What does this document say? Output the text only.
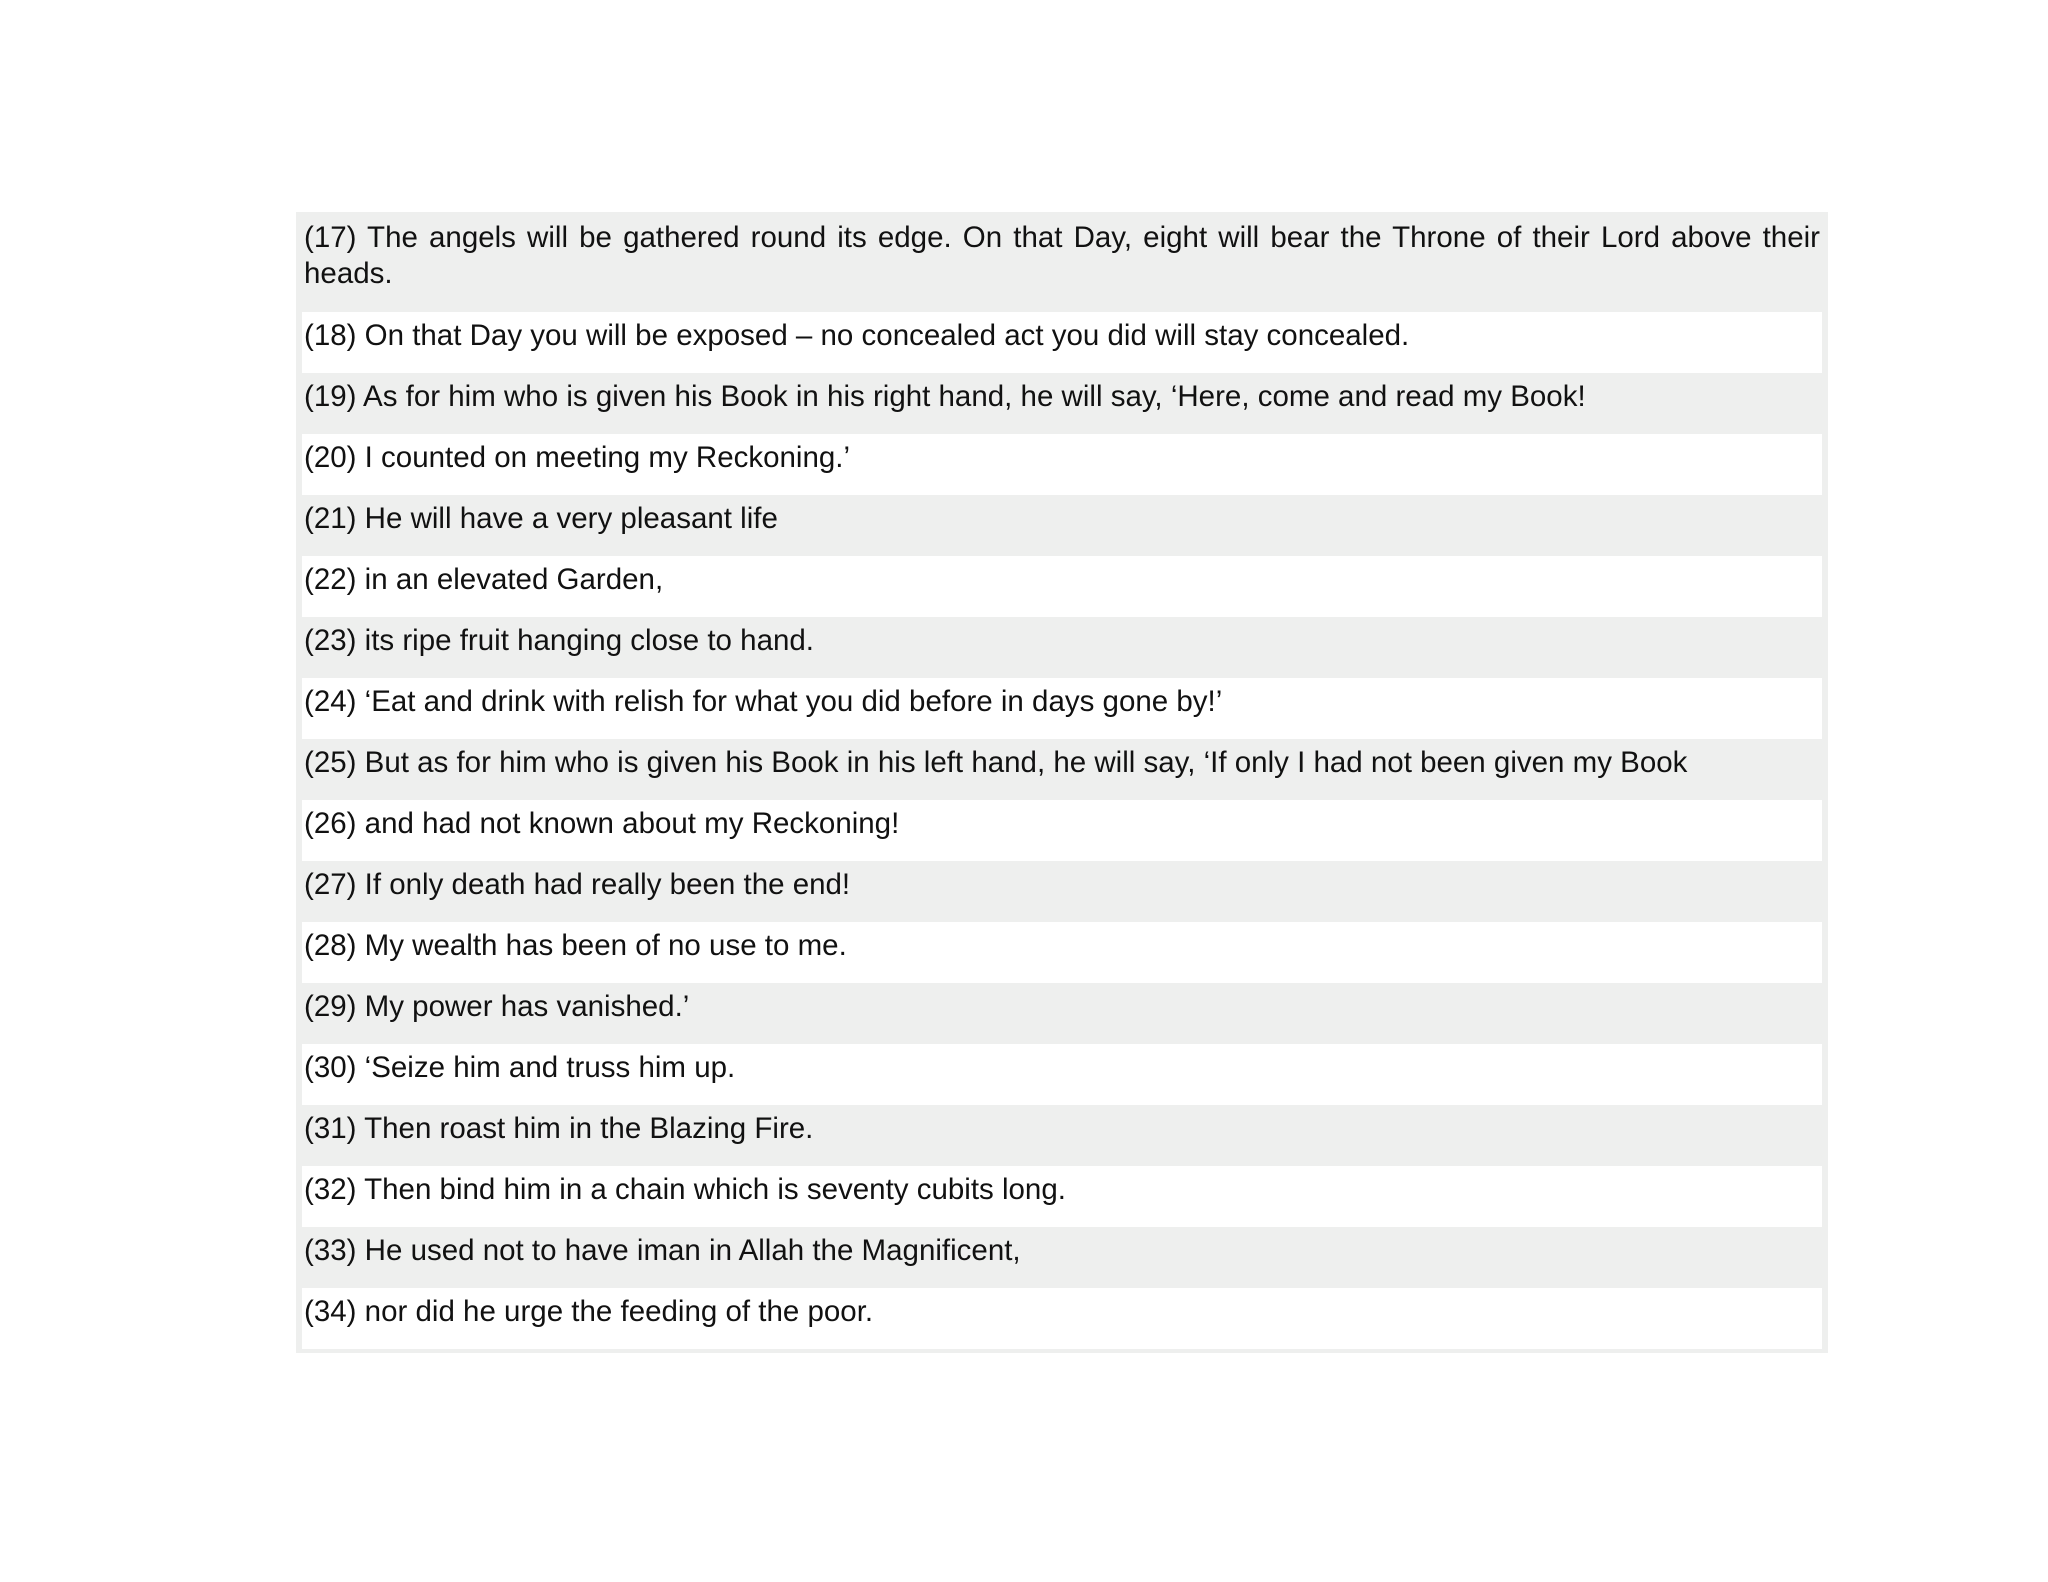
(17) The angels will be gathered round its edge. On that Day, eight will bear the Throne of their Lord above their heads.
(18) On that Day you will be exposed – no concealed act you did will stay concealed.
(19) As for him who is given his Book in his right hand, he will say, ‘Here, come and read my Book!
(20) I counted on meeting my Reckoning.’
(21) He will have a very pleasant life
(22) in an elevated Garden,
(23) its ripe fruit hanging close to hand.
(24) ‘Eat and drink with relish for what you did before in days gone by!’
(25) But as for him who is given his Book in his left hand, he will say, ‘If only I had not been given my Book
(26) and had not known about my Reckoning!
(27) If only death had really been the end!
(28) My wealth has been of no use to me.
(29) My power has vanished.’
(30) ‘Seize him and truss him up.
(31) Then roast him in the Blazing Fire.
(32) Then bind him in a chain which is seventy cubits long.
(33) He used not to have iman in Allah the Magnificent,
(34) nor did he urge the feeding of the poor.
